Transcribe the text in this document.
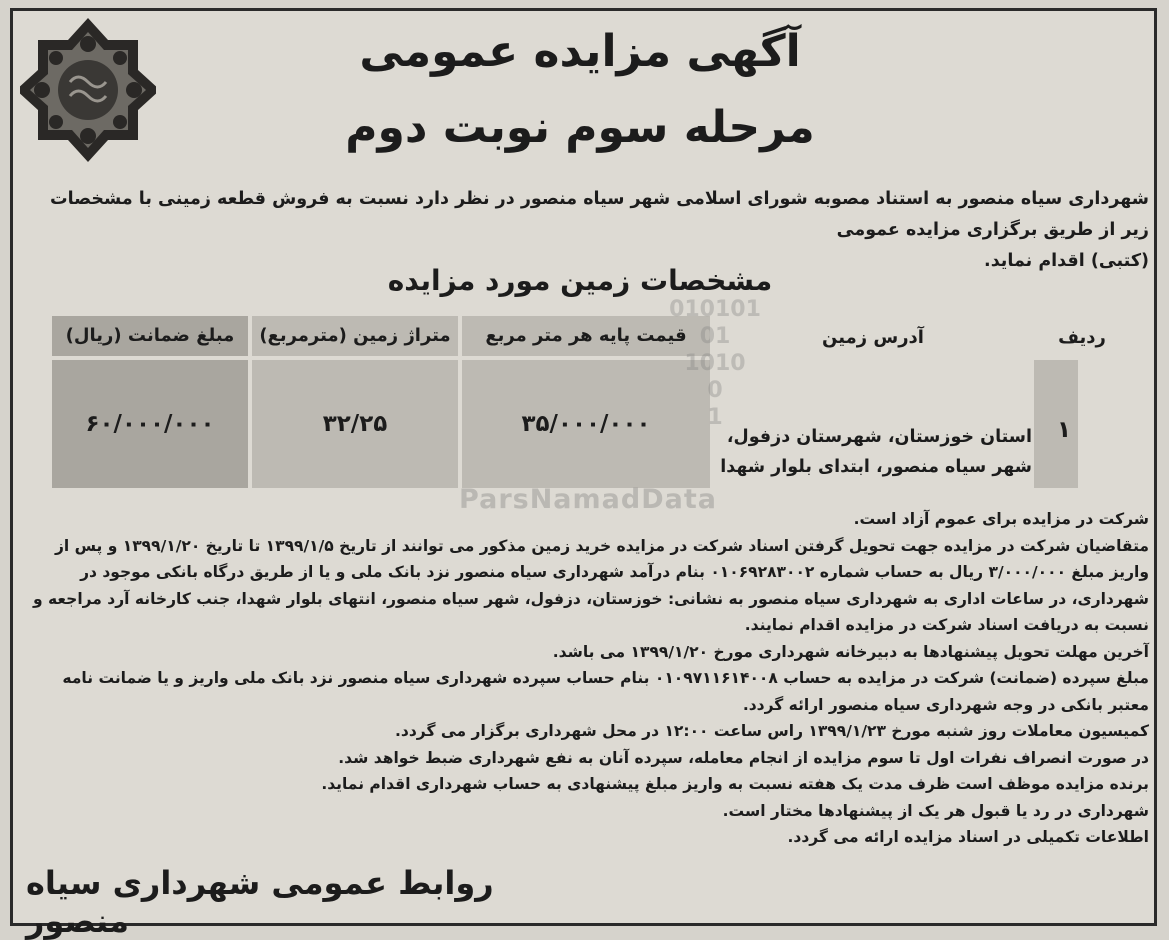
آگهی مزایده عمومی
مرحله سوم نوبت دوم
شهرداری سیاه منصور به استناد مصوبه شورای اسلامی شهر سیاه منصور در نظر دارد نسبت به فروش قطعه زمینی با مشخصات زیر از طریق برگزاری مزایده عمومی
(کتبی) اقدام نماید.
مشخصات زمین مورد مزایده
ردیف
آدرس زمین
قیمت پایه هر متر مربع
متراژ زمین (مترمربع)
مبلغ ضمانت (ریال)
۱
استان خوزستان، شهرستان دزفول،
شهر سیاه منصور، ابتدای بلوار شهدا
۳۵/۰۰۰/۰۰۰
۳۲/۲۵
۶۰/۰۰۰/۰۰۰
010101
01
1010
0
1
ParsNamadData

شرکت در مزایده برای عموم آزاد است.

متقاضیان شرکت در مزایده جهت تحویل گرفتن اسناد شرکت در مزایده خرید زمین مذکور می توانند از تاریخ ۱۳۹۹/۱/۵ تا تاریخ ۱۳۹۹/۱/۲۰ و پس از واریز مبلغ ۳/۰۰۰/۰۰۰ ریال به حساب شماره ۰۱۰۶۹۲۸۳۰۰۲ بنام درآمد شهرداری سیاه منصور نزد بانک ملی و یا از طریق درگاه بانکی موجود در شهرداری، در ساعات اداری به شهرداری سیاه منصور به نشانی: خوزستان، دزفول، شهر سیاه منصور، انتهای بلوار شهدا، جنب کارخانه آرد مراجعه و نسبت به دریافت اسناد شرکت در مزایده اقدام نمایند.

آخرین مهلت تحویل پیشنهادها به دبیرخانه شهرداری مورخ ۱۳۹۹/۱/۲۰ می باشد.

مبلغ سپرده (ضمانت) شرکت در مزایده به حساب ۰۱۰۹۷۱۱۶۱۴۰۰۸ بنام حساب سپرده شهرداری سیاه منصور نزد بانک ملی واریز و یا ضمانت نامه معتبر بانکی در وجه شهرداری سیاه منصور ارائه گردد.

کمیسیون معاملات روز شنبه مورخ ۱۳۹۹/۱/۲۳ راس ساعت ۱۲:۰۰ در محل شهرداری برگزار می گردد.

در صورت انصراف نفرات اول تا سوم مزایده از انجام معامله، سپرده آنان به نفع شهرداری ضبط خواهد شد.

برنده مزایده موظف است ظرف مدت یک هفته نسبت به واریز مبلغ پیشنهادی به حساب شهرداری اقدام نماید.

شهرداری در رد یا قبول هر یک از پیشنهادها مختار است.

اطلاعات تکمیلی در اسناد مزایده ارائه می گردد.

روابط عمومی شهرداری سیاه منصور
